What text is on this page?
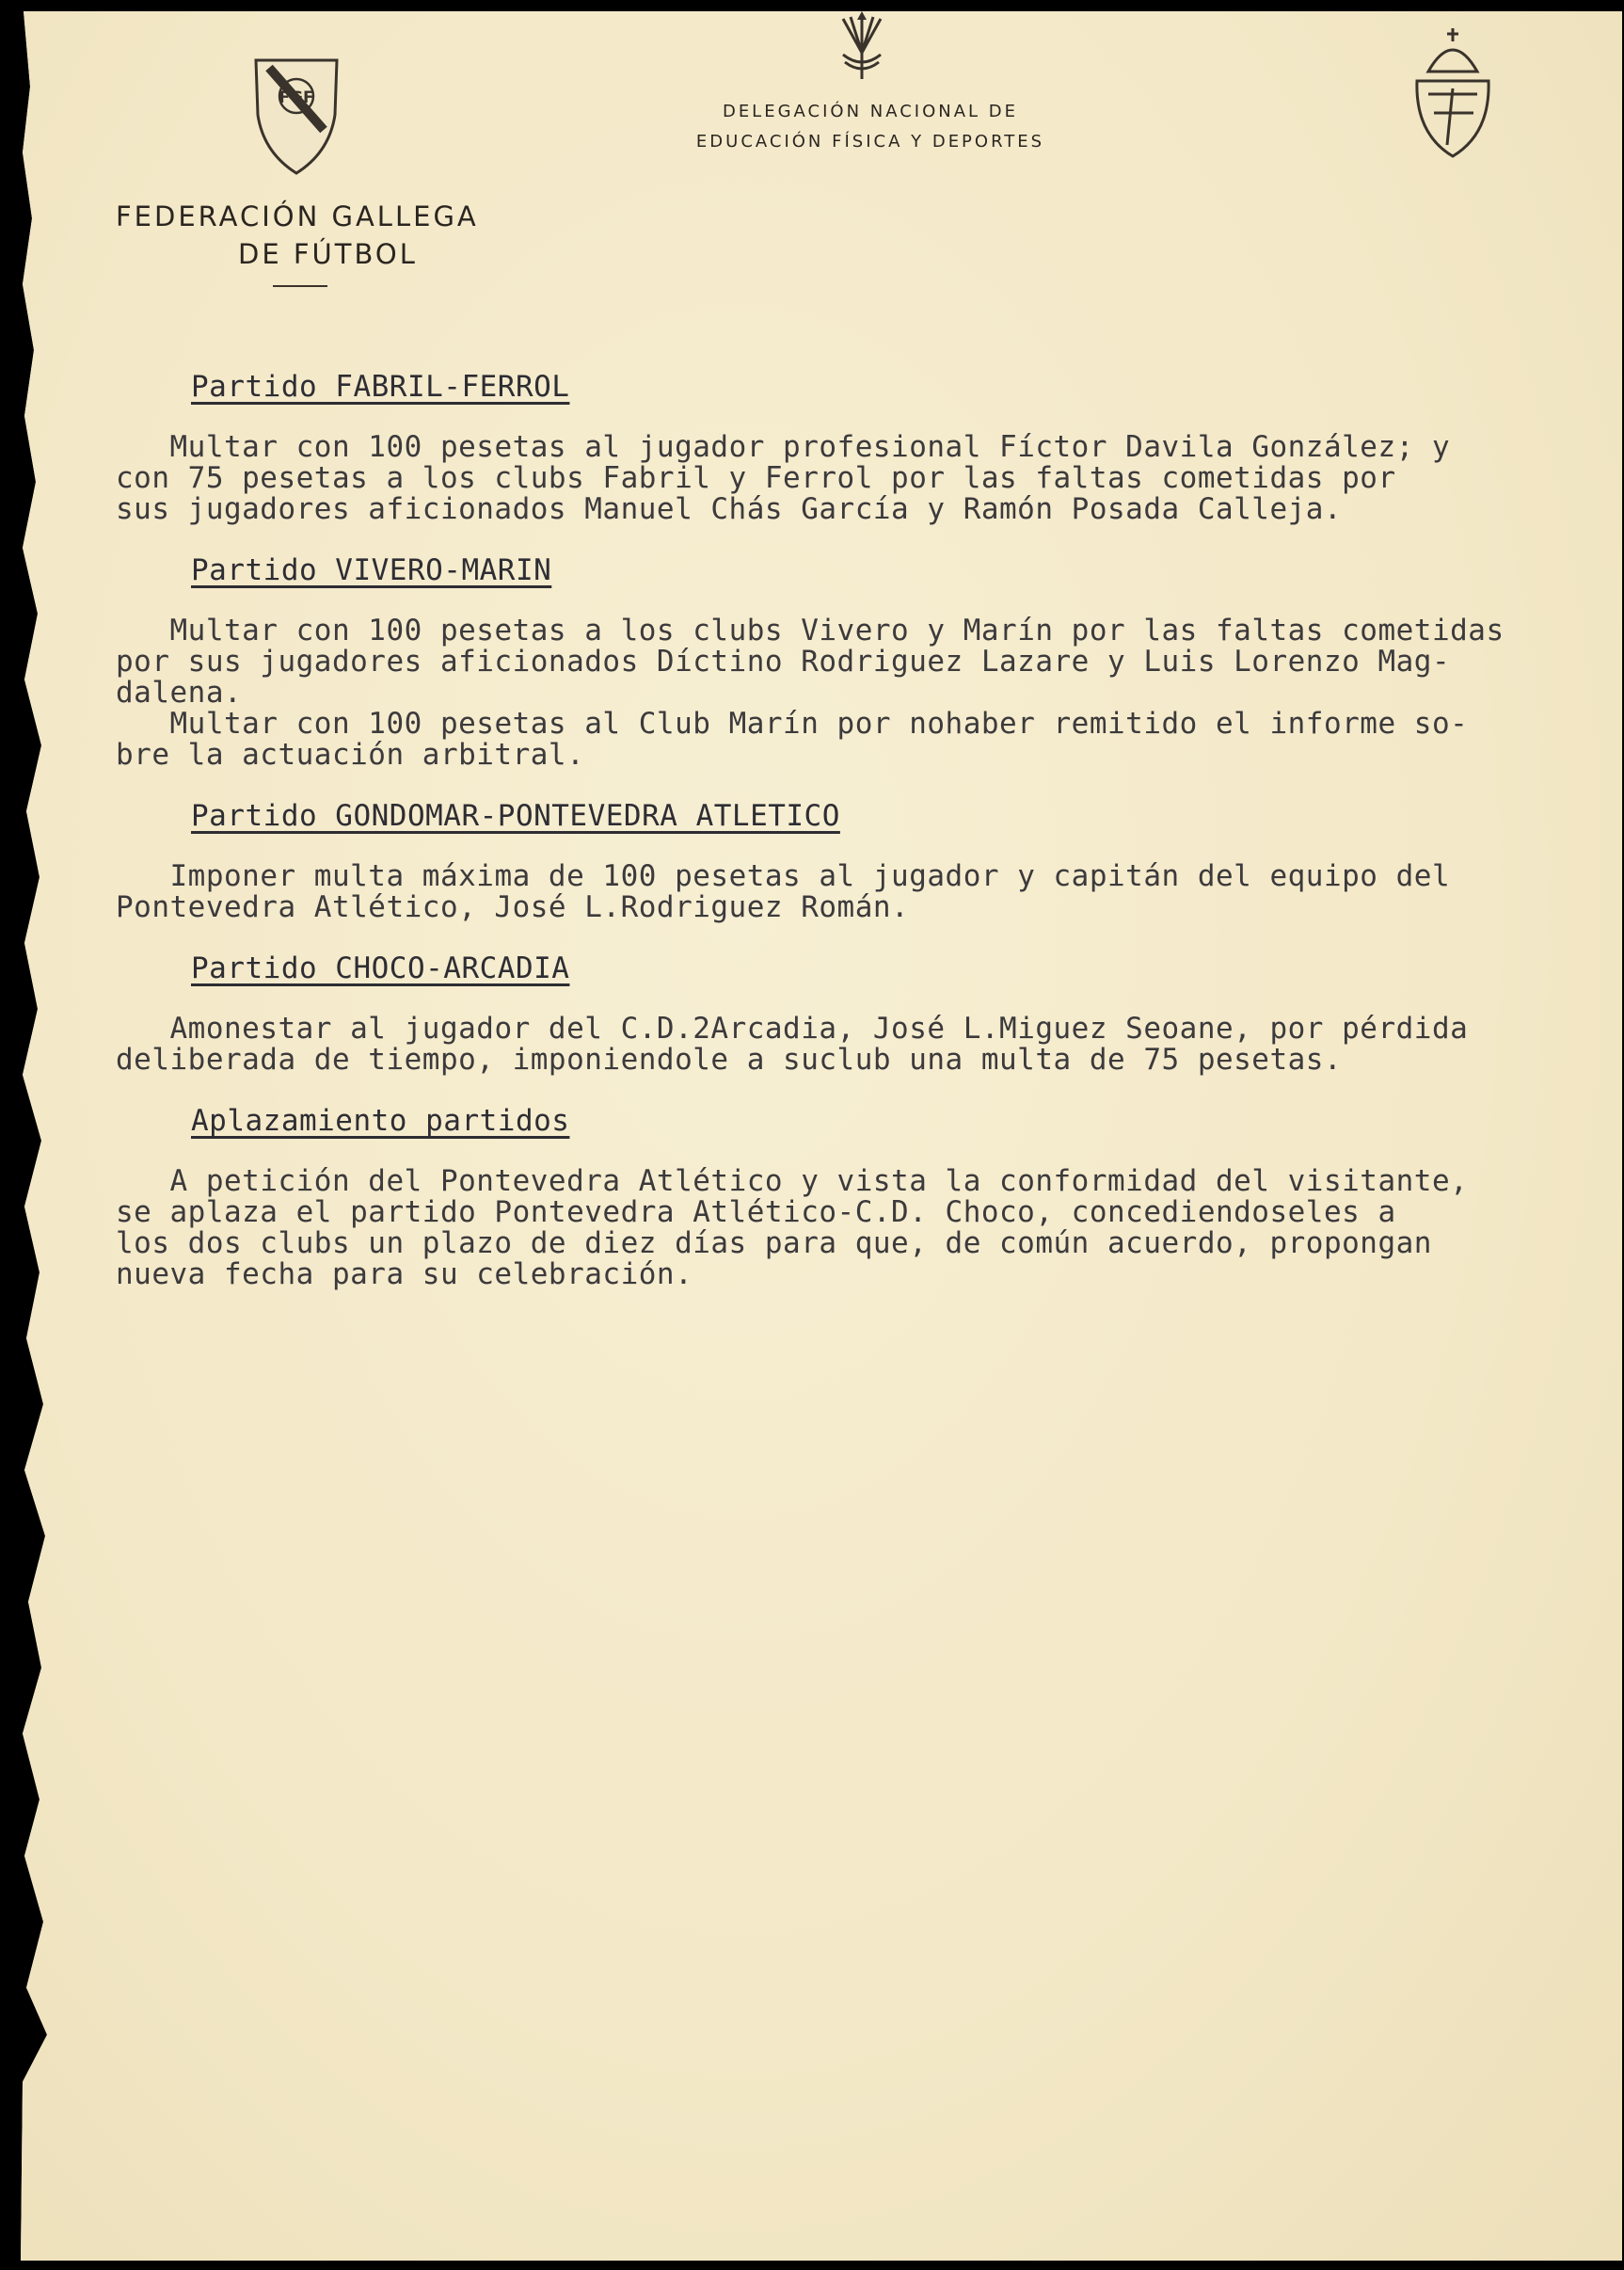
FGF
FEDERACIÓN GALLEGA
DE FÚTBOL
DELEGACIÓN NACIONAL DE
EDUCACIÓN FÍSICA Y DEPORTES
Partido FABRIL-FERROL
Multar con 100 pesetas al jugador profesional Fíctor Davila González; y
con 75 pesetas a los clubs Fabril y Ferrol por las faltas cometidas por
sus jugadores aficionados Manuel Chás García y Ramón Posada Calleja.
Partido VIVERO-MARIN
Multar con 100 pesetas a los clubs Vivero y Marín por las faltas cometidas
por sus jugadores aficionados Díctino Rodriguez Lazare y Luis Lorenzo Mag-
dalena.
Multar con 100 pesetas al Club Marín por nohaber remitido el informe so-
bre la actuación arbitral.
Partido GONDOMAR-PONTEVEDRA ATLETICO
Imponer multa máxima de 100 pesetas al jugador y capitán del equipo del
Pontevedra Atlético, José L.Rodriguez Román.
Partido CHOCO-ARCADIA
Amonestar al jugador del C.D.2Arcadia, José L.Miguez Seoane, por pérdida
deliberada de tiempo, imponiendole a suclub una multa de 75 pesetas.
Aplazamiento partidos
A petición del Pontevedra Atlético y vista la conformidad del visitante,
se aplaza el partido Pontevedra Atlético-C.D. Choco, concediendoseles a
los dos clubs un plazo de diez días para que, de común acuerdo, propongan
nueva fecha para su celebración.
